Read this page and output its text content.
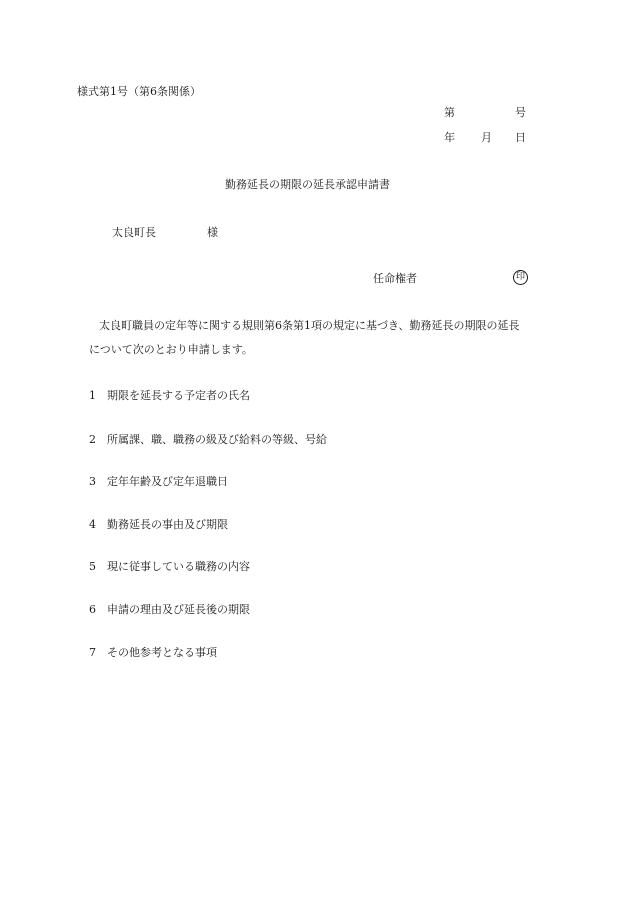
様式第1号（第6条関係）
第	号
年 月 日
勤務延長の期限の延長承認申請書
太良町長	様
任命権者	印
太良町職員の定年等に関する規則第6条第1項の規定に基づき、勤務延長の期限の延長
について次のとおり申請します。
1 期限を延長する予定者の氏名
2 所属課、職、職務の級及び給料の等級、号給
3 定年年齢及び定年退職日
4 勤務延長の事由及び期限
5 現に従事している職務の内容
6 申請の理由及び延長後の期限
7 その他参考となる事項
